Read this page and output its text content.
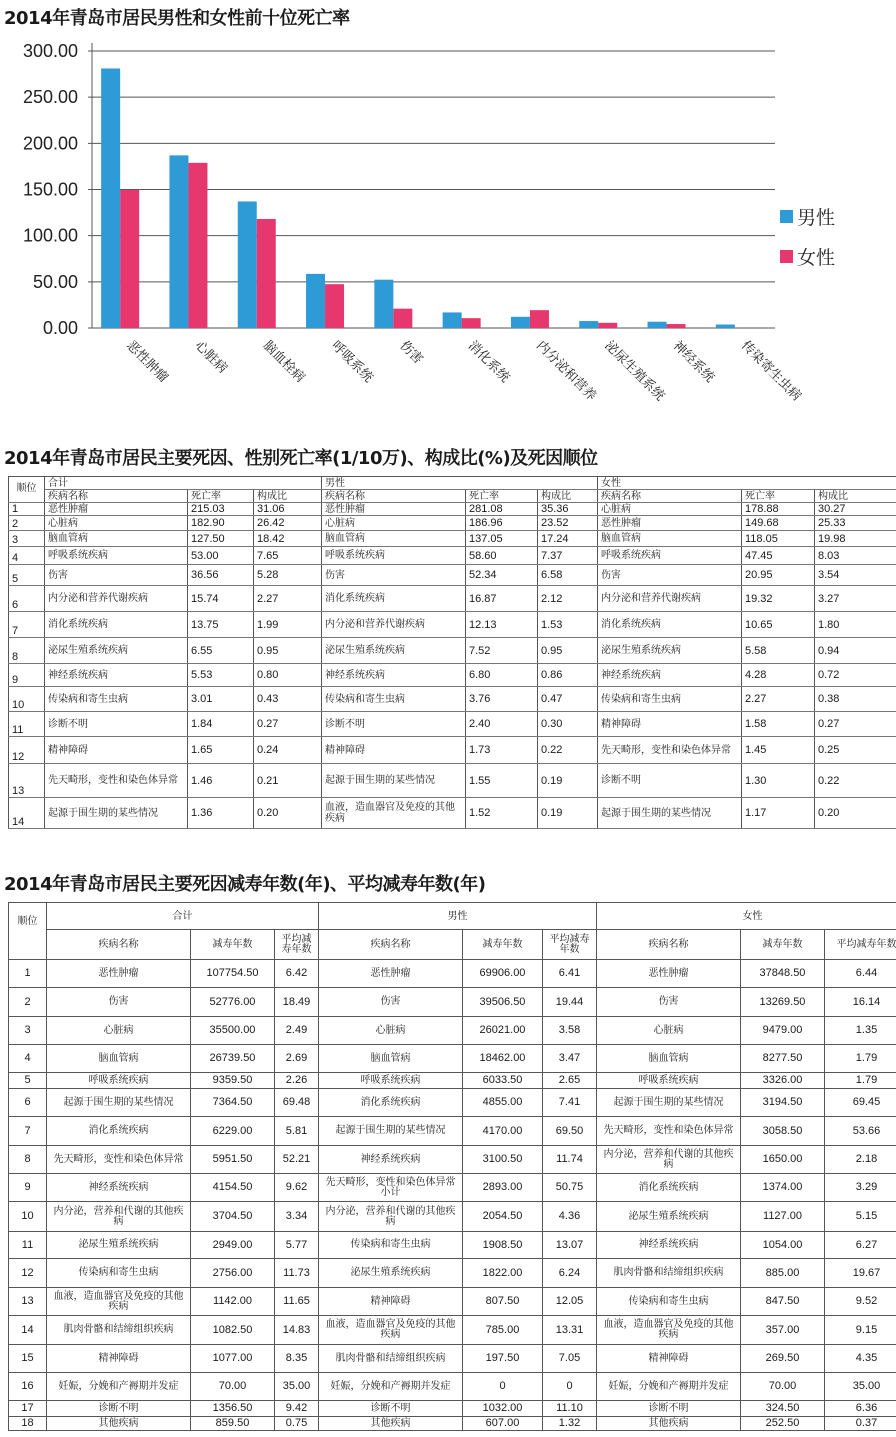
2014年青岛市居民男性和女性前十位死亡率
300.00
250.00
200.00
150.00
100.00
50.00
0.00
恶性肿瘤 心脏病 脑血栓病 呼吸系统 伤害	消化系统 内分泌和营养 泌尿生殖系统 神经系统 传染寄生虫病
男性
女性
2014年青岛市居民主要死因、性别死亡率(1/10万)、构成比(%)及死因顺位
顺位	合计			男性			女性		
	疾病名称	死亡率	构成比	疾病名称	死亡率	构成比	疾病名称	死亡率	构成比
1	恶性肿瘤	215.03	31.06	恶性肿瘤	281.08	35.36	心脏病	178.88	30.27
2	心脏病	182.90	26.42	心脏病	186.96	23.52	恶性肿瘤	149.68	25.33
3	脑血管病	127.50	18.42	脑血管病	137.05	17.24	脑血管病	118.05	19.98
4	呼吸系统疾病	53.00	7.65	呼吸系统疾病	58.60	7.37	呼吸系统疾病	47.45	8.03
5	伤害	36.56	5.28	伤害	52.34	6.58	伤害	20.95	3.54
6	内分泌和营养代谢疾病	15.74	2.27	消化系统疾病	16.87	2.12	内分泌和营养代谢疾病	19.32	3.27
7	消化系统疾病	13.75	1.99	内分泌和营养代谢疾病	12.13	1.53	消化系统疾病	10.65	1.80
8	泌尿生殖系统疾病	6.55	0.95	泌尿生殖系统疾病	7.52	0.95	泌尿生殖系统疾病	5.58	0.94
9	神经系统疾病	5.53	0.80	神经系统疾病	6.80	0.86	神经系统疾病	4.28	0.72
10	传染病和寄生虫病	3.01	0.43	传染病和寄生虫病	3.76	0.47	传染病和寄生虫病	2.27	0.38
11	诊断不明	1.84	0.27	诊断不明	2.40	0.30	精神障碍	1.58	0.27
12	精神障碍	1.65	0.24	精神障碍	1.73	0.22	先天畸形，变性和染色体异常	1.45	0.25
13	先天畸形，变性和染色体异常	1.46	0.21	起源于围生期的某些情况	1.55	0.19	诊断不明	1.30	0.22
14	起源于围生期的某些情况	1.36	0.20	血液，造血器官及免疫的其他疾病	1.52	0.19	起源于围生期的某些情况	1.17	0.20
2014年青岛市居民主要死因减寿年数(年)、平均减寿年数(年)
顺位	合计			男性			女性		
	疾病名称	减寿年数	平均减寿年数	疾病名称	减寿年数	平均减寿年数	疾病名称	减寿年数	平均减寿年数
1	恶性肿瘤	107754.50	6.42	恶性肿瘤	69906.00	6.41	恶性肿瘤	37848.50	6.44
2	伤害	52776.00	18.49	伤害	39506.50	19.44	伤害	13269.50	16.14
3	心脏病	35500.00	2.49	心脏病	26021.00	3.58	心脏病	9479.00	1.35
4	脑血管病	26739.50	2.69	脑血管病	18462.00	3.47	脑血管病	8277.50	1.79
5	呼吸系统疾病	9359.50	2.26	呼吸系统疾病	6033.50	2.65	呼吸系统疾病	3326.00	1.79
6	起源于围生期的某些情况	7364.50	69.48	消化系统疾病	4855.00	7.41	起源于围生期的某些情况	3194.50	69.45
7	消化系统疾病	6229.00	5.81	起源于围生期的某些情况	4170.00	69.50	先天畸形，变性和染色体异常	3058.50	53.66
8	先天畸形，变性和染色体异常	5951.50	52.21	神经系统疾病	3100.50	11.74	内分泌，营养和代谢的其他疾病	1650.00	2.18
9	神经系统疾病	4154.50	9.62	先天畸形，变性和染色体异常小计	2893.00	50.75	消化系统疾病	1374.00	3.29
10	内分泌，营养和代谢的其他疾病	3704.50	3.34	内分泌，营养和代谢的其他疾病	2054.50	4.36	泌尿生殖系统疾病	1127.00	5.15
11	泌尿生殖系统疾病	2949.00	5.77	传染病和寄生虫病	1908.50	13.07	神经系统疾病	1054.00	6.27
12	传染病和寄生虫病	2756.00	11.73	泌尿生殖系统疾病	1822.00	6.24	肌肉骨骼和结缔组织疾病	885.00	19.67
13	血液，造血器官及免疫的其他疾病	1142.00	11.65	精神障碍	807.50	12.05	传染病和寄生虫病	847.50	9.52
14	肌肉骨骼和结缔组织疾病	1082.50	14.83	血液，造血器官及免疫的其他疾病	785.00	13.31	血液，造血器官及免疫的其他疾病	357.00	9.15
15	精神障碍	1077.00	8.35	肌肉骨骼和结缔组织疾病	197.50	7.05	精神障碍	269.50	4.35
16	妊娠，分娩和产褥期并发症	70.00	35.00	妊娠，分娩和产褥期并发症	0	0	妊娠，分娩和产褥期并发症	70.00	35.00
17	诊断不明	1356.50	9.42	诊断不明	1032.00	11.10	诊断不明	324.50	6.36
18	其他疾病	859.50	0.75	其他疾病	607.00	1.32	其他疾病	252.50	0.37
